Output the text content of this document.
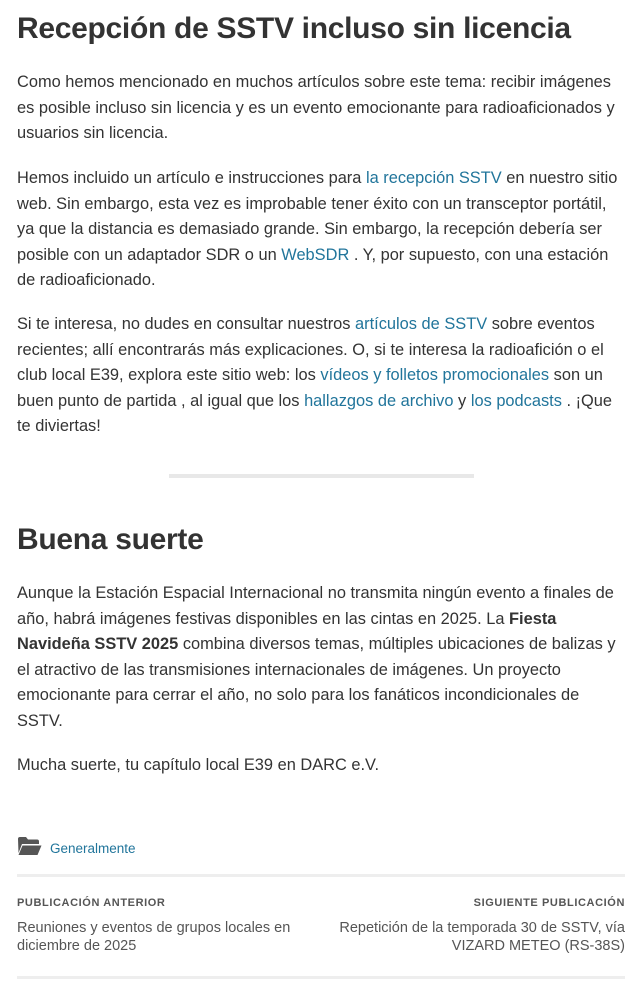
Recepción de SSTV incluso sin licencia

Como hemos mencionado en muchos artículos sobre este tema: recibir imágenes es posible incluso sin licencia y es un evento emocionante para radioaficionados y usuarios sin licencia.

Hemos incluido un artículo e instrucciones para la recepción SSTV en nuestro sitio web. Sin embargo, esta vez es improbable tener éxito con un transceptor portátil, ya que la distancia es demasiado grande. Sin embargo, la recepción debería ser posible con un adaptador SDR o un WebSDR . Y, por supuesto, con una estación de radioaficionado.

Si te interesa, no dudes en consultar nuestros artículos de SSTV sobre eventos recientes; allí encontrarás más explicaciones. O, si te interesa la radioafición o el club local E39, explora este sitio web: los vídeos y folletos promocionales son un buen punto de partida , al igual que los hallazgos de archivo y los podcasts . ¡Que te diviertas!

Buena suerte

Aunque la Estación Espacial Internacional no transmita ningún evento a finales de año, habrá imágenes festivas disponibles en las cintas en 2025. La Fiesta Navideña SSTV 2025 combina diversos temas, múltiples ubicaciones de balizas y el atractivo de las transmisiones internacionales de imágenes. Un proyecto emocionante para cerrar el año, no solo para los fanáticos incondicionales de SSTV.

Mucha suerte, tu capítulo local E39 en DARC e.V.

Generalmente
PUBLICACIÓN ANTERIOR
Reuniones y eventos de grupos locales en diciembre de 2025
SIGUIENTE PUBLICACIÓN
Repetición de la temporada 30 de SSTV, vía VIZARD METEO (RS-38S)
